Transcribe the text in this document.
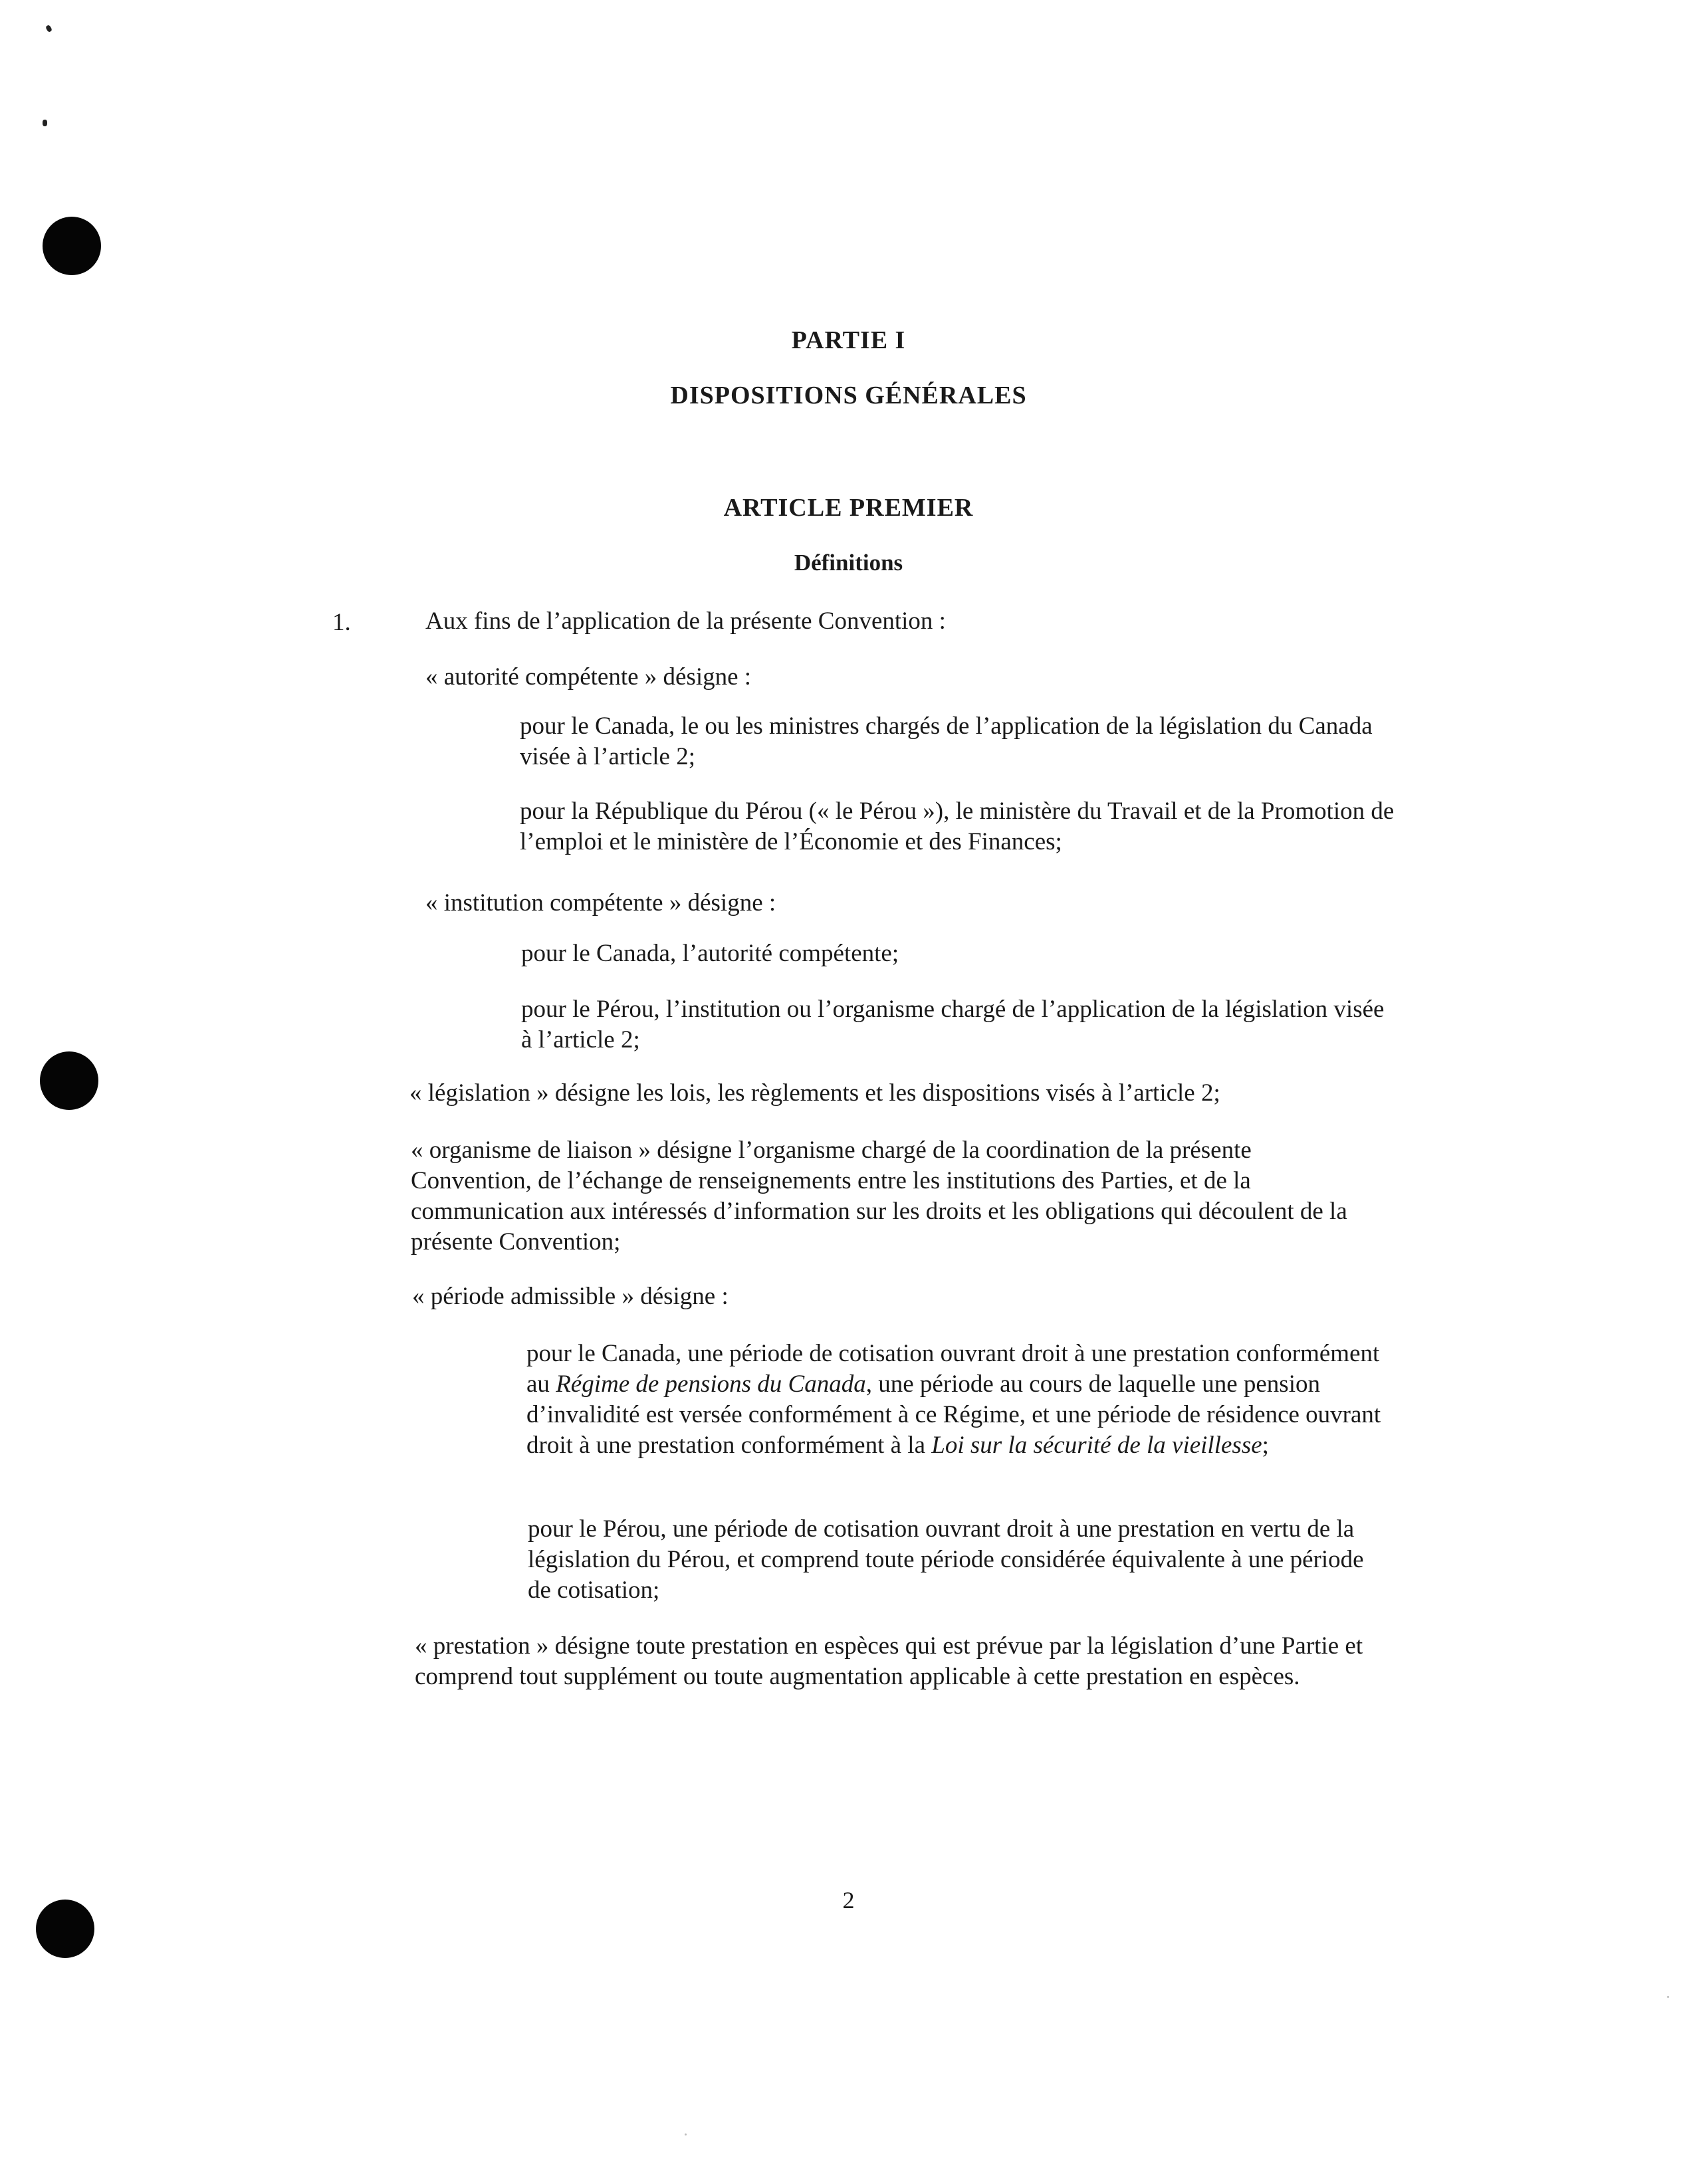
PARTIE I

DISPOSITIONS GÉNÉRALES

ARTICLE PREMIER

Définitions

1.	Aux fins de l’application de la présente Convention :

« autorité compétente » désigne :

pour le Canada, le ou les ministres chargés de l’application de la législation du Canada visée à l’article 2;

pour la République du Pérou (« le Pérou »), le ministère du Travail et de la Promotion de l’emploi et le ministère de l’Économie et des Finances;

« institution compétente » désigne :

pour le Canada, l’autorité compétente;

pour le Pérou, l’institution ou l’organisme chargé de l’application de la législation visée à l’article 2;

« législation » désigne les lois, les règlements et les dispositions visés à l’article 2;

« organisme de liaison » désigne l’organisme chargé de la coordination de la présente Convention, de l’échange de renseignements entre les institutions des Parties, et de la communication aux intéressés d’information sur les droits et les obligations qui découlent de la présente Convention;

« période admissible » désigne :

pour le Canada, une période de cotisation ouvrant droit à une prestation conformément au Régime de pensions du Canada, une période au cours de laquelle une pension d’invalidité est versée conformément à ce Régime, et une période de résidence ouvrant droit à une prestation conformément à la Loi sur la sécurité de la vieillesse;

pour le Pérou, une période de cotisation ouvrant droit à une prestation en vertu de la législation du Pérou, et comprend toute période considérée équivalente à une période de cotisation;

« prestation » désigne toute prestation en espèces qui est prévue par la législation d’une Partie et comprend tout supplément ou toute augmentation applicable à cette prestation en espèces.

2
